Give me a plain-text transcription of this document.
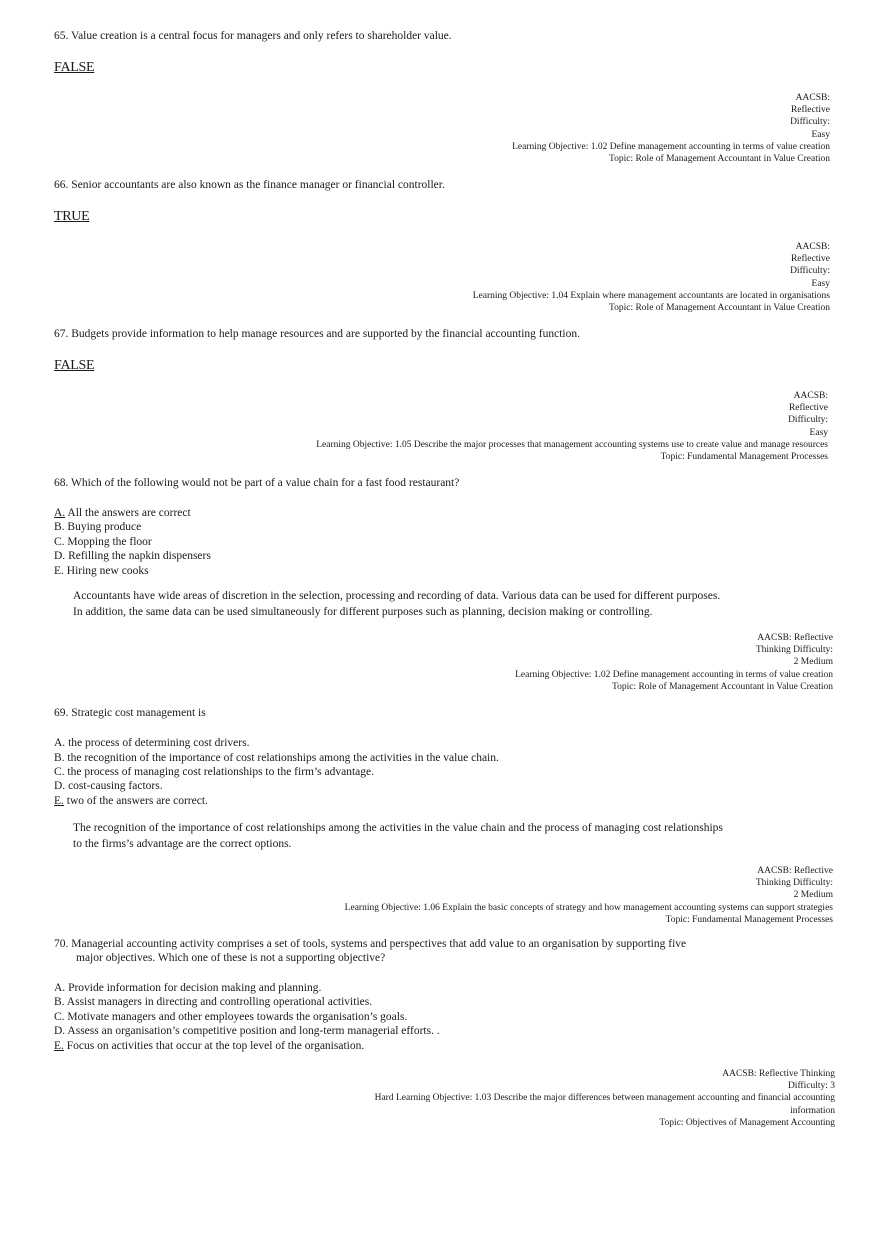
65. Value creation is a central focus for managers and only refers to shareholder value.
FALSE
AACSB:
Reflective
Difficulty:
Easy
Learning Objective: 1.02 Define management accounting in terms of value creation
Topic: Role of Management Accountant in Value Creation
66. Senior accountants are also known as the finance manager or financial controller.
TRUE
AACSB:
Reflective
Difficulty:
Easy
Learning Objective: 1.04 Explain where management accountants are located in organisations
Topic: Role of Management Accountant in Value Creation
67. Budgets provide information to help manage resources and are supported by the financial accounting function.
FALSE
AACSB:
Reflective
Difficulty:
Easy
Learning Objective: 1.05 Describe the major processes that management accounting systems use to create value and manage resources
Topic: Fundamental Management Processes
68. Which of the following would not be part of a value chain for a fast food restaurant?
A. All the answers are correct
B. Buying produce
C. Mopping the floor
D. Refilling the napkin dispensers
E. Hiring new cooks
Accountants have wide areas of discretion in the selection, processing and recording of data. Various data can be used for different purposes.
In addition, the same data can be used simultaneously for different purposes such as planning, decision making or controlling.
AACSB: Reflective
Thinking Difficulty:
2 Medium
Learning Objective: 1.02 Define management accounting in terms of value creation
Topic: Role of Management Accountant in Value Creation
69. Strategic cost management is
A. the process of determining cost drivers.
B. the recognition of the importance of cost relationships among the activities in the value chain.
C. the process of managing cost relationships to the firm’s advantage.
D. cost-causing factors.
E. two of the answers are correct.
The recognition of the importance of cost relationships among the activities in the value chain and the process of managing cost relationships
to the firms’s advantage are the correct options.
AACSB: Reflective
Thinking Difficulty:
2 Medium
Learning Objective: 1.06 Explain the basic concepts of strategy and how management accounting systems can support strategies
Topic: Fundamental Management Processes
70. Managerial accounting activity comprises a set of tools, systems and perspectives that add value to an organisation by supporting five
major objectives. Which one of these is not a supporting objective?
A. Provide information for decision making and planning.
B. Assist managers in directing and controlling operational activities.
C. Motivate managers and other employees towards the organisation’s goals.
D. Assess an organisation’s competitive position and long-term managerial efforts. .
E. Focus on activities that occur at the top level of the organisation.
AACSB: Reflective Thinking
Difficulty: 3
Hard Learning Objective: 1.03 Describe the major differences between management accounting and financial accounting
information
Topic: Objectives of Management Accounting
